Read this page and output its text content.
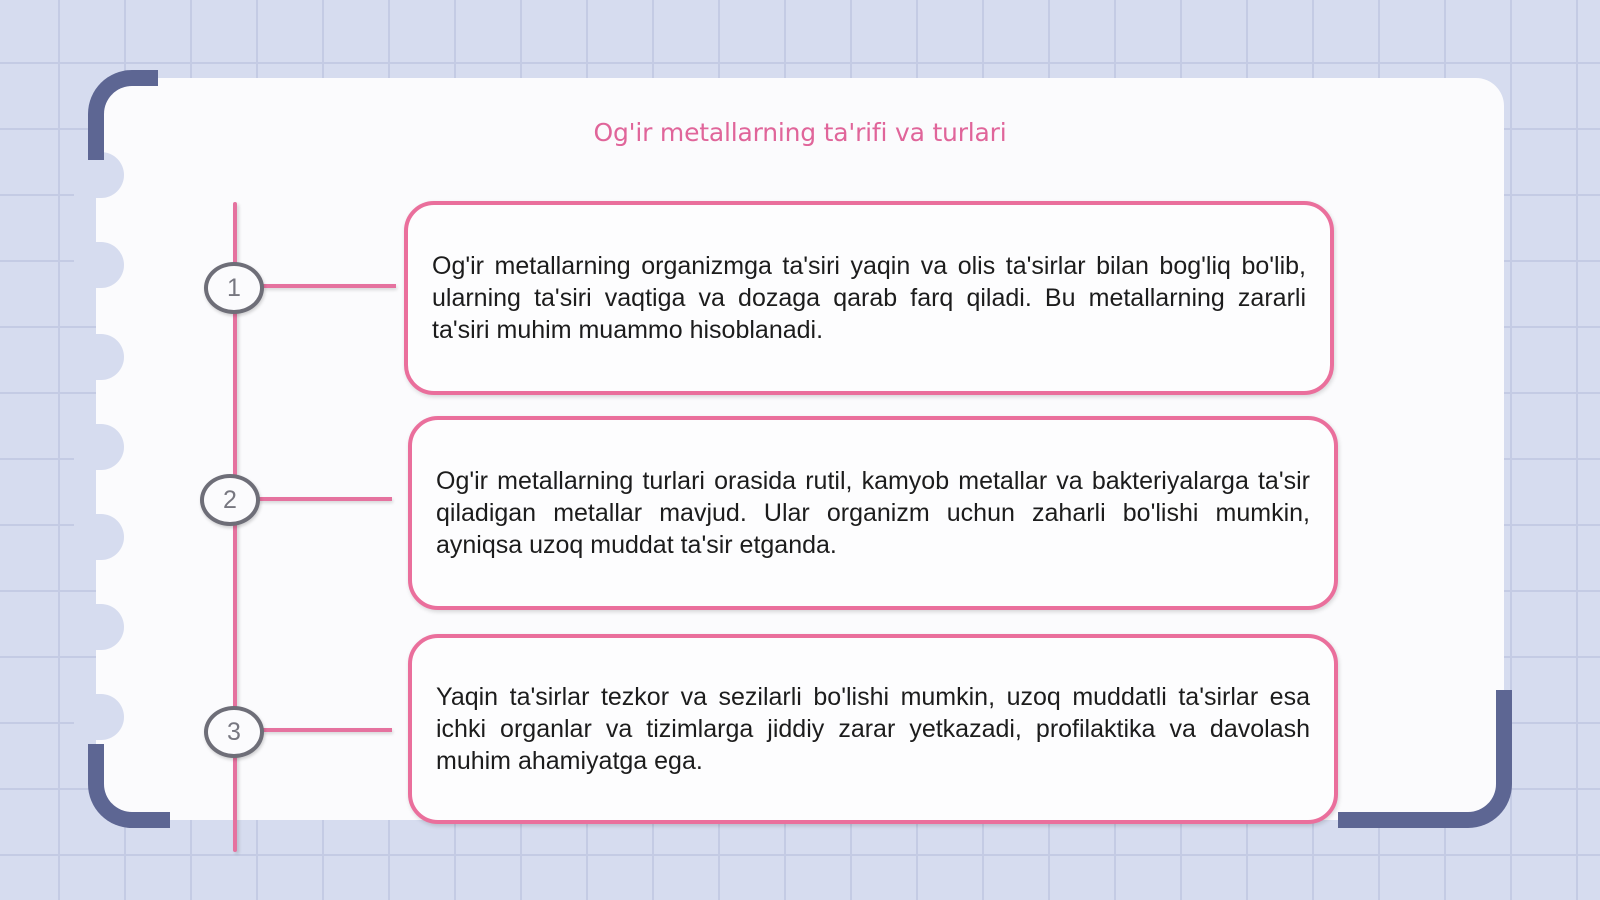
Og'ir metallarning ta'rifi va turlari
1
2
3

Og'ir metallarning organizmga ta'siri yaqin va olis ta'sirlar bilan bog'liq bo'lib, ularning ta'siri vaqtiga va dozaga qarab farq qiladi. Bu metallarning zararli ta'siri muhim muammo hisoblanadi.

Og'ir metallarning turlari orasida rutil, kamyob metallar va bakteriyalarga ta'sir qiladigan metallar mavjud. Ular organizm uchun zaharli bo'lishi mumkin, ayniqsa uzoq muddat ta'sir etganda.

Yaqin ta'sirlar tezkor va sezilarli bo'lishi mumkin, uzoq muddatli ta'sirlar esa ichki organlar va tizimlarga jiddiy zarar yetkazadi, profilaktika va davolash muhim ahamiyatga ega.
